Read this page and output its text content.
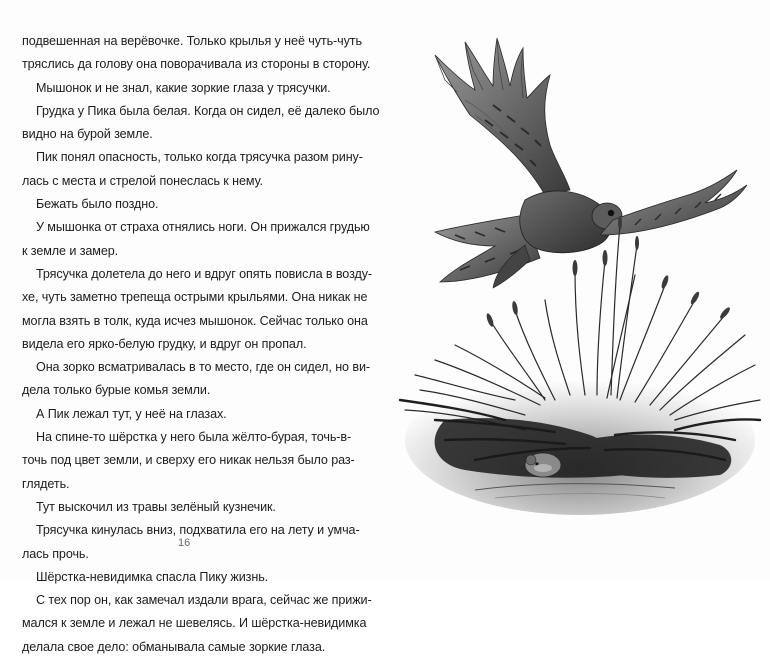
подвешенная на верёвочке. Только крылья у неё чуть-чуть
тряслись да голову она поворачивала из стороны в сторону.
Мышонок и не знал, какие зоркие глаза у трясучки.
Грудка у Пика была белая. Когда он сидел, её далеко было
видно на бурой земле.
Пик понял опасность, только когда трясучка разом рину-
лась с места и стрелой понеслась к нему.
Бежать было поздно.
У мышонка от страха отнялись ноги. Он прижался грудью
к земле и замер.
Трясучка долетела до него и вдруг опять повисла в возду-
хе, чуть заметно трепеща острыми крыльями. Она никак не
могла взять в толк, куда исчез мышонок. Сейчас только она
видела его ярко-белую грудку, и вдруг он пропал.
Она зорко всматривалась в то место, где он сидел, но ви-
дела только бурые комья земли.
А Пик лежал тут, у неё на глазах.
На спине-то шёрстка у него была жёлто-бурая, точь-в-
точь под цвет земли, и сверху его никак нельзя было раз-
глядеть.
Тут выскочил из травы зелёный кузнечик.
Трясучка кинулась вниз, подхватила его на лету и умча-
лась прочь.
Шёрстка-невидимка спасла Пику жизнь.
С тех пор он, как замечал издали врага, сейчас же прижи-
мался к земле и лежал не шевелясь. И шёрстка-невидимка
делала свое дело: обманывала самые зоркие глаза.
16
